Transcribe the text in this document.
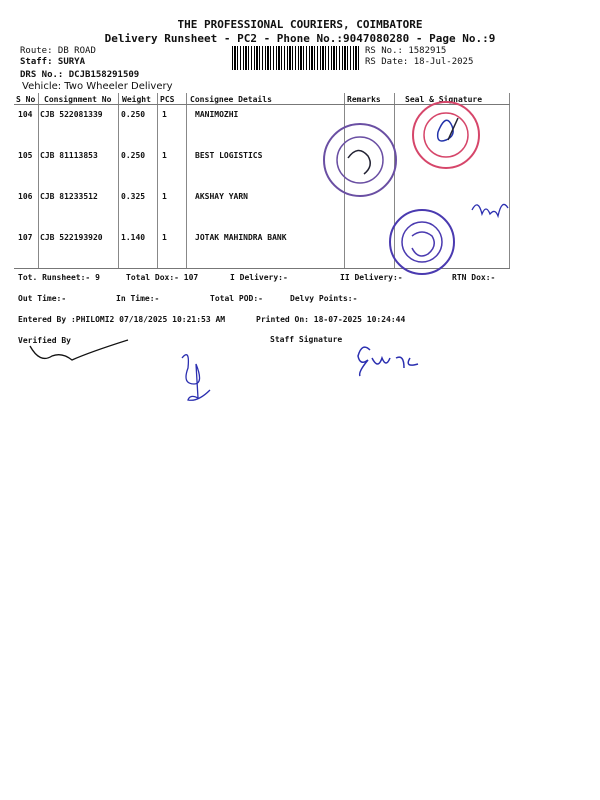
THE PROFESSIONAL COURIERS, COIMBATORE
Delivery Runsheet - PC2 - Phone No.:9047080280 - Page No.:9
Route: DB ROAD
Staff: SURYA
DRS No.: DCJB158291509
Vehicle: Two Wheeler Delivery
RS No.: 1582915
RS Date: 18-Jul-2025
S No Consignment No Weight PCS Consignee Details	Remarks	Seal & Signature
104 CJB 522081339 0.250 1	MANIMOZHI
105 CJB 81113853	0.250 1	BEST LOGISTICS
106 CJB 81233512	0.325 1	AKSHAY YARN
107 CJB 522193920 1.140 1	JOTAK MAHINDRA BANK
Tot. Runsheet:- 9	Total Dox:- 107	I Delivery:-	II Delivery:-	RTN Dox:-
Out Time:-	In Time:-	Total POD:-	Delvy Points:-
Entered By :PHILOMI2 07/18/2025 10:21:53 AM	Printed On: 18-07-2025 10:24:44
Verified By	Staff Signature
